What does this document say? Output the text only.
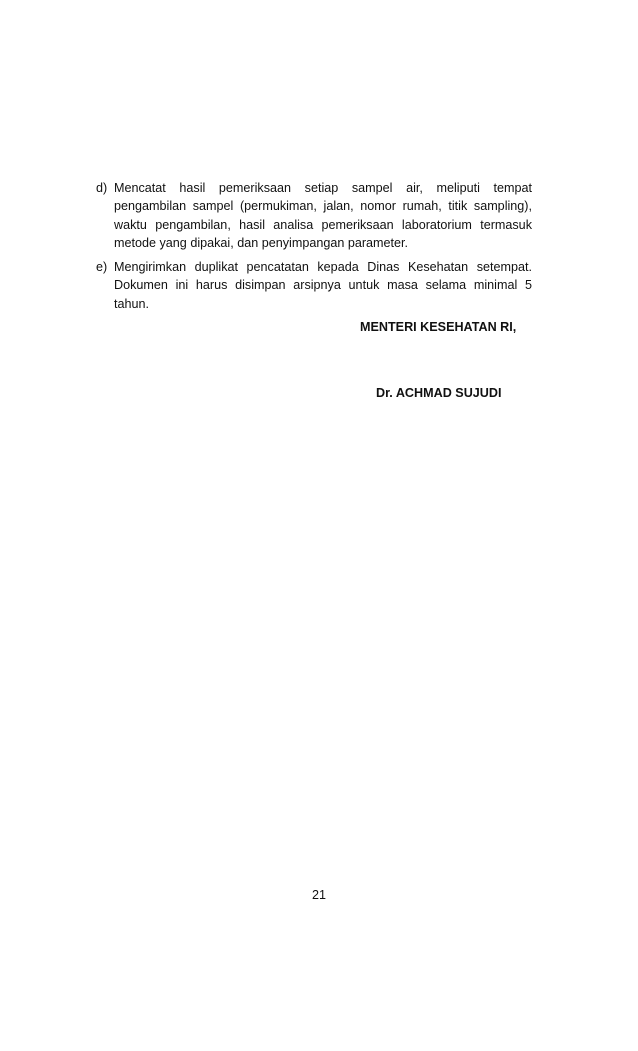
d) Mencatat hasil pemeriksaan setiap sampel air, meliputi tempat pengambilan sampel (permukiman, jalan, nomor rumah, titik sampling), waktu pengambilan, hasil analisa pemeriksaan laboratorium termasuk metode yang dipakai, dan penyimpangan parameter.
e) Mengirimkan duplikat pencatatan kepada Dinas Kesehatan setempat. Dokumen ini harus disimpan arsipnya untuk masa selama minimal 5 tahun.
MENTERI KESEHATAN RI,
Dr. ACHMAD SUJUDI
21
